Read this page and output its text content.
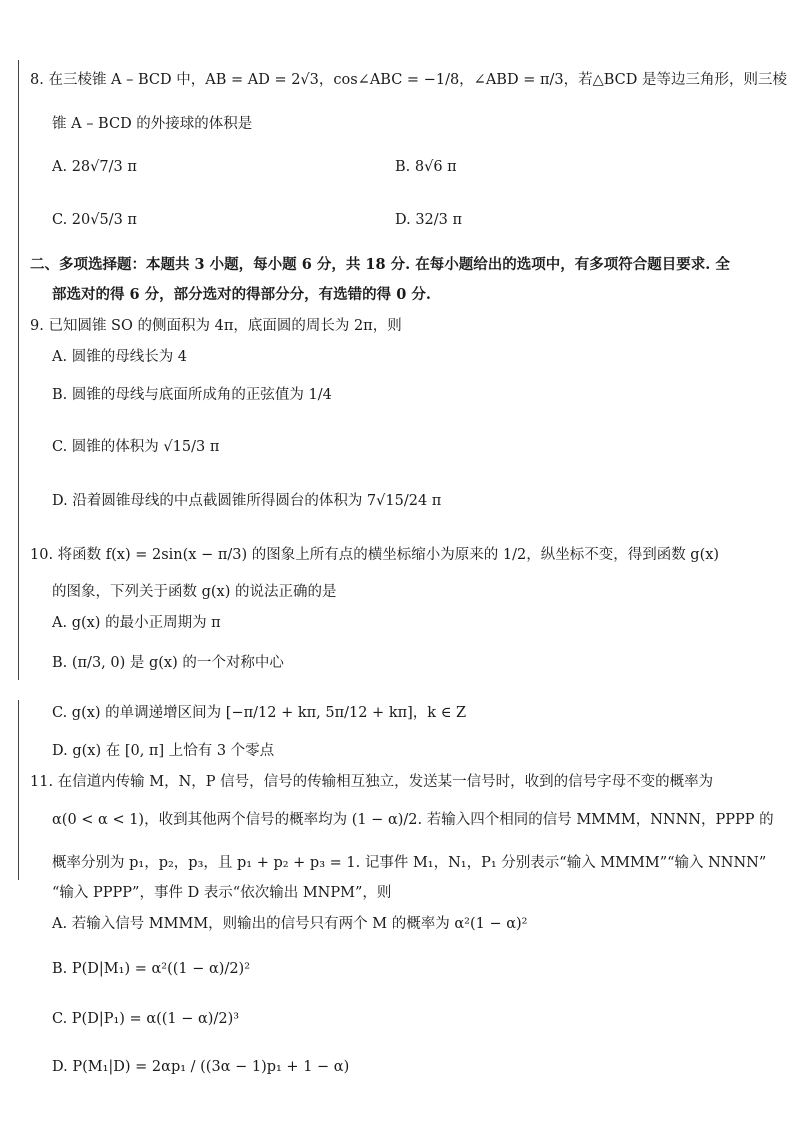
8. 在三棱锥 A – BCD 中，AB = AD = 2√3，cos∠ABC = −1/8，∠ABD = π/3，若△BCD 是等边三角形，则三棱
锥 A – BCD 的外接球的体积是
A. 28√7/3 π	B. 8√6 π
C. 20√5/3 π	D. 32/3 π
二、多项选择题：本题共 3 小题，每小题 6 分，共 18 分. 在每小题给出的选项中，有多项符合题目要求. 全
部选对的得 6 分，部分选对的得部分分，有选错的得 0 分.
9. 已知圆锥 SO 的侧面积为 4π，底面圆的周长为 2π，则
A. 圆锥的母线长为 4
B. 圆锥的母线与底面所成角的正弦值为 1/4
C. 圆锥的体积为 √15/3 π
D. 沿着圆锥母线的中点截圆锥所得圆台的体积为 7√15/24 π
10. 将函数 f(x) = 2sin(x − π/3) 的图象上所有点的横坐标缩小为原来的 1/2，纵坐标不变，得到函数 g(x)
的图象，下列关于函数 g(x) 的说法正确的是
A. g(x) 的最小正周期为 π
B. (π/3, 0) 是 g(x) 的一个对称中心
C. g(x) 的单调递增区间为 [−π/12 + kπ, 5π/12 + kπ]，k ∈ Z
D. g(x) 在 [0, π] 上恰有 3 个零点
11. 在信道内传输 M，N，P 信号，信号的传输相互独立，发送某一信号时，收到的信号字母不变的概率为
α(0 < α < 1)，收到其他两个信号的概率均为 (1 − α)/2. 若输入四个相同的信号 MMMM，NNNN，PPPP 的
概率分别为 p₁，p₂，p₃，且 p₁ + p₂ + p₃ = 1. 记事件 M₁，N₁，P₁ 分别表示“输入 MMMM”“输入 NNNN”
“输入 PPPP”，事件 D 表示“依次输出 MNPM”，则
A. 若输入信号 MMMM，则输出的信号只有两个 M 的概率为 α²(1 − α)²
B. P(D|M₁) = α²((1 − α)/2)²
C. P(D|P₁) = α((1 − α)/2)³
D. P(M₁|D) = 2αp₁ / ((3α − 1)p₁ + 1 − α)
